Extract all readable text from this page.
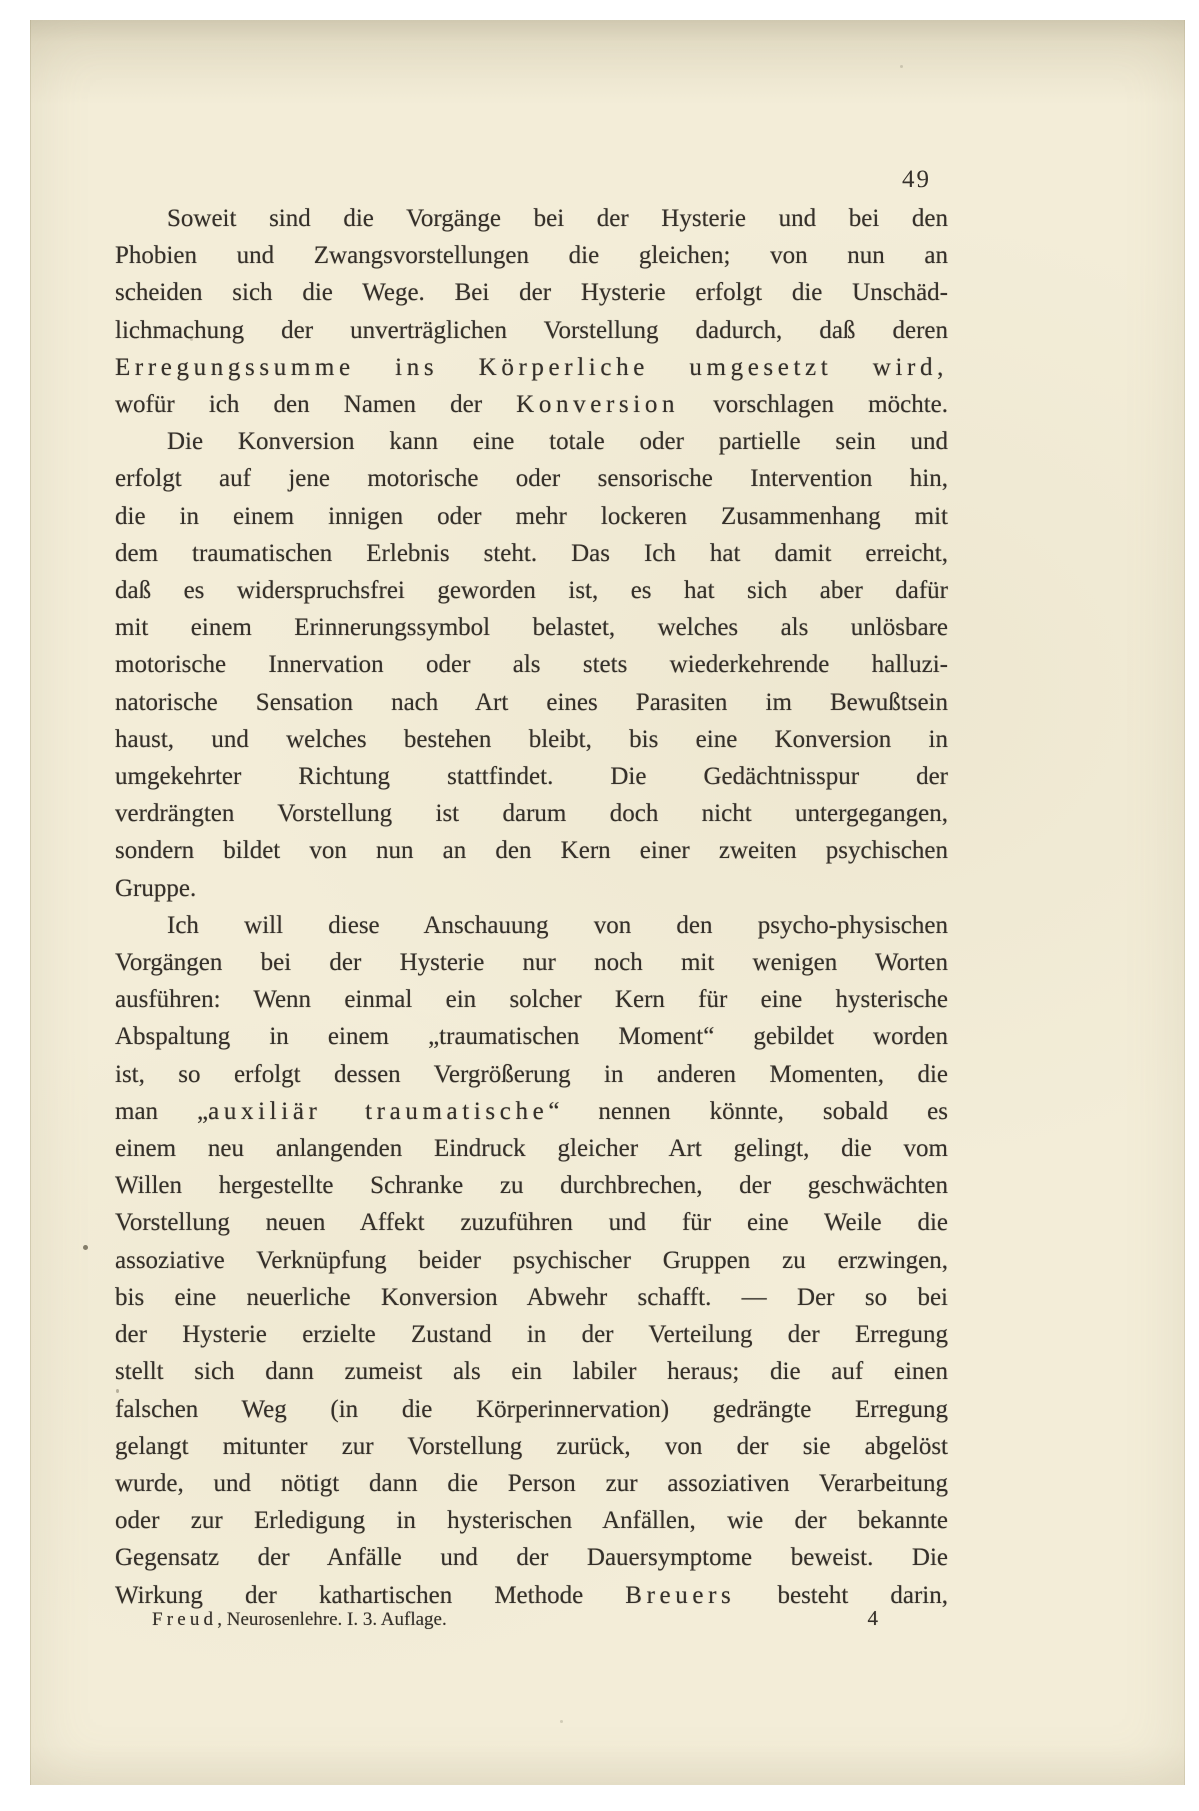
49

Soweit sind die Vorgänge bei der Hysterie und bei den
Phobien und Zwangsvorstellungen die gleichen; von nun an
scheiden sich die Wege. Bei der Hysterie erfolgt die Unschäd-
lichmachung der unverträglichen Vorstellung dadurch, daß deren
Erregungssumme ins Körperliche umgesetzt wird,
wofür ich den Namen der Konversion vorschlagen möchte.

Die Konversion kann eine totale oder partielle sein und
erfolgt auf jene motorische oder sensorische Intervention hin,
die in einem innigen oder mehr lockeren Zusammenhang mit
dem traumatischen Erlebnis steht. Das Ich hat damit erreicht,
daß es widerspruchsfrei geworden ist, es hat sich aber dafür
mit einem Erinnerungssymbol belastet, welches als unlösbare
motorische Innervation oder als stets wiederkehrende halluzi-
natorische Sensation nach Art eines Parasiten im Bewußtsein
haust, und welches bestehen bleibt, bis eine Konversion in
umgekehrter Richtung stattfindet. Die Gedächtnisspur der
verdrängten Vorstellung ist darum doch nicht untergegangen,
sondern bildet von nun an den Kern einer zweiten psychischen
Gruppe.

Ich will diese Anschauung von den psycho-physischen
Vorgängen bei der Hysterie nur noch mit wenigen Worten
ausführen: Wenn einmal ein solcher Kern für eine hysterische
Abspaltung in einem „traumatischen Moment“ gebildet worden
ist, so erfolgt dessen Vergrößerung in anderen Momenten, die
man „auxiliär traumatische“ nennen könnte, sobald es
einem neu anlangenden Eindruck gleicher Art gelingt, die vom
Willen hergestellte Schranke zu durchbrechen, der geschwächten
Vorstellung neuen Affekt zuzuführen und für eine Weile die
assoziative Verknüpfung beider psychischer Gruppen zu erzwingen,
bis eine neuerliche Konversion Abwehr schafft. — Der so bei
der Hysterie erzielte Zustand in der Verteilung der Erregung
stellt sich dann zumeist als ein labiler heraus; die auf einen
falschen Weg (in die Körperinnervation) gedrängte Erregung
gelangt mitunter zur Vorstellung zurück, von der sie abgelöst
wurde, und nötigt dann die Person zur assoziativen Verarbeitung
oder zur Erledigung in hysterischen Anfällen, wie der bekannte
Gegensatz der Anfälle und der Dauersymptome beweist. Die
Wirkung der kathartischen Methode Breuers besteht darin,

Freud, Neurosenlehre. I. 3. Auflage.	4
